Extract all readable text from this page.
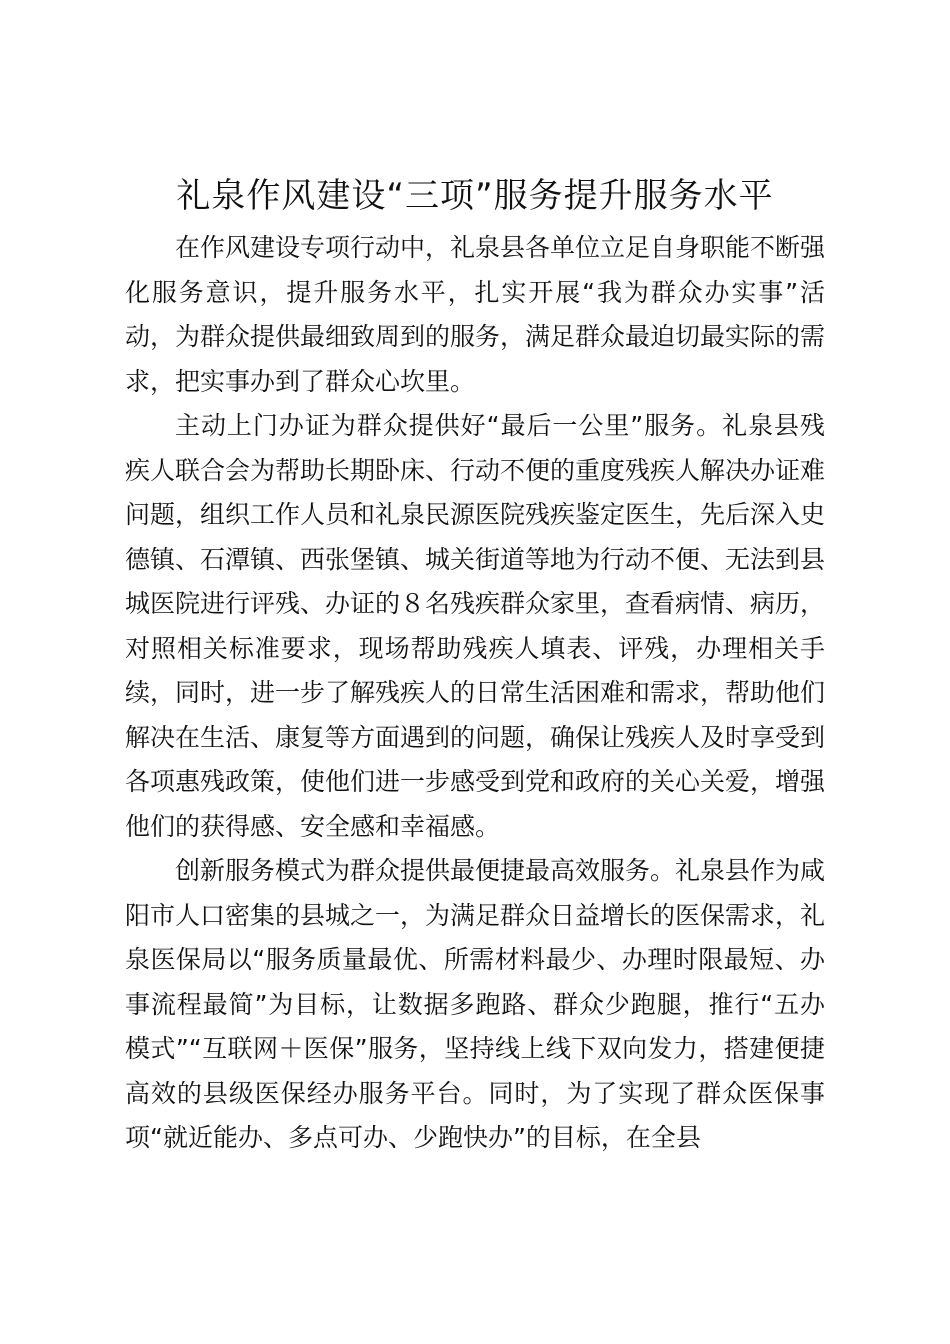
礼泉作风建设“三项”服务提升服务水平

在作风建设专项行动中，礼泉县各单位立足自身职能不断强化服务意识，提升服务水平，扎实开展“我为群众办实事”活动，为群众提供最细致周到的服务，满足群众最迫切最实际的需求，把实事办到了群众心坎里。

主动上门办证为群众提供好“最后一公里”服务。礼泉县残疾人联合会为帮助长期卧床、行动不便的重度残疾人解决办证难问题，组织工作人员和礼泉民源医院残疾鉴定医生，先后深入史德镇、石潭镇、西张堡镇、城关街道等地为行动不便、无法到县城医院进行评残、办证的８名残疾群众家里，查看病情、病历，对照相关标准要求，现场帮助残疾人填表、评残，办理相关手续，同时，进一步了解残疾人的日常生活困难和需求，帮助他们解决在生活、康复等方面遇到的问题，确保让残疾人及时享受到各项惠残政策，使他们进一步感受到党和政府的关心关爱，增强他们的获得感、安全感和幸福感。

创新服务模式为群众提供最便捷最高效服务。礼泉县作为咸阳市人口密集的县城之一，为满足群众日益增长的医保需求，礼泉医保局以“服务质量最优、所需材料最少、办理时限最短、办事流程最简”为目标，让数据多跑路、群众少跑腿，推行“五办模式”“互联网＋医保”服务，坚持线上线下双向发力，搭建便捷高效的县级医保经办服务平台。同时，为了实现了群众医保事项“就近能办、多点可办、少跑快办”的目标，在全县
